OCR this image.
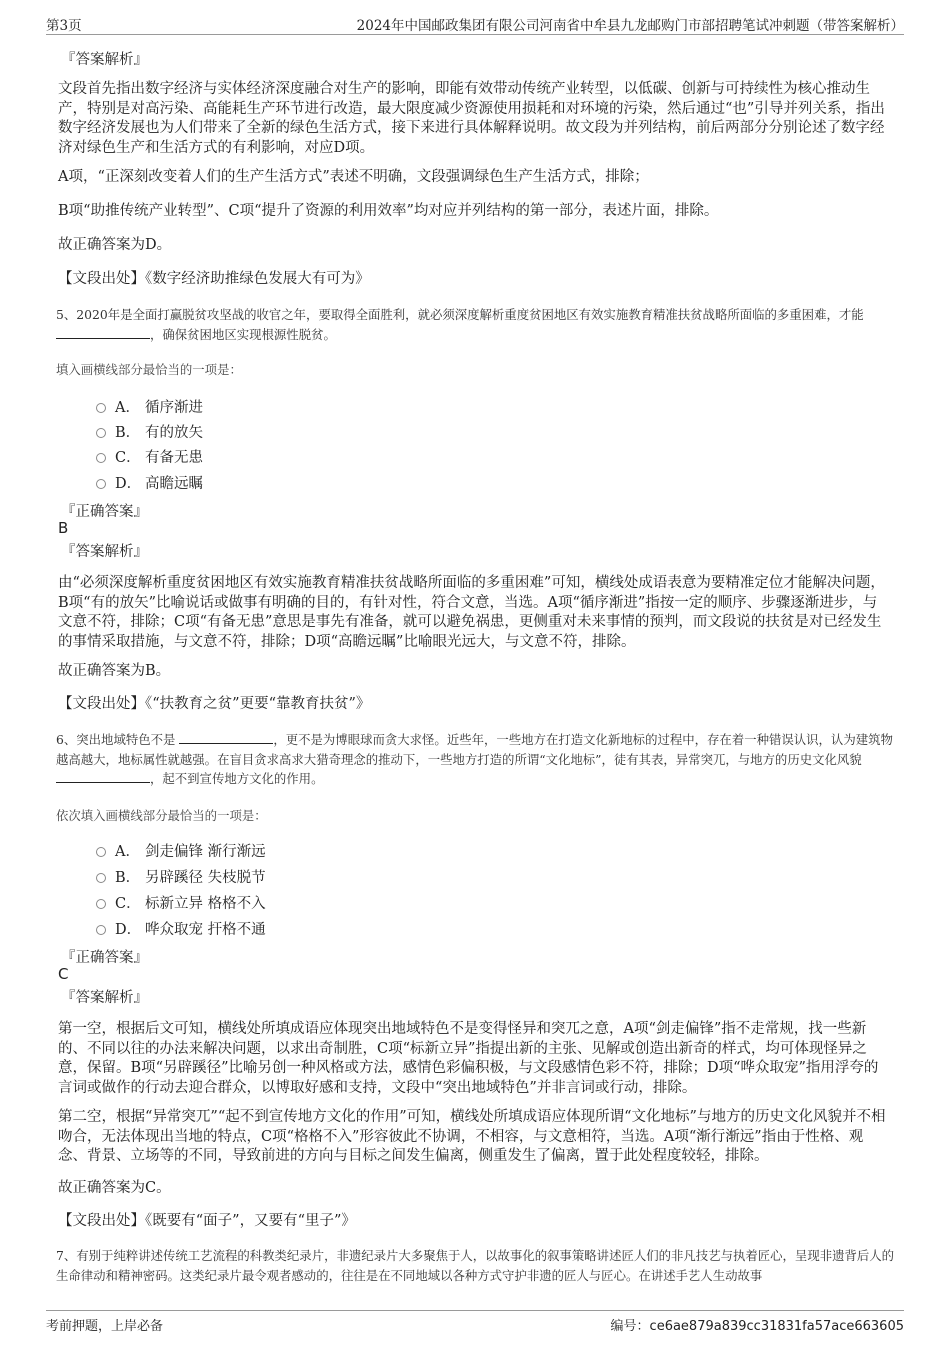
第3页	2024年中国邮政集团有限公司河南省中牟县九龙邮购门市部招聘笔试冲刺题（带答案解析）
『答案解析』
文段首先指出数字经济与实体经济深度融合对生产的影响，即能有效带动传统产业转型，以低碳、创新与可持续性为核心推动生产，特别是对高污染、高能耗生产环节进行改造，最大限度减少资源使用损耗和对环境的污染，然后通过“也”引导并列关系，指出数字经济发展也为人们带来了全新的绿色生活方式，接下来进行具体解释说明。故文段为并列结构，前后两部分分别论述了数字经济对绿色生产和生活方式的有利影响，对应D项。
A项，“正深刻改变着人们的生产生活方式”表述不明确，文段强调绿色生产生活方式，排除；
B项“助推传统产业转型”、C项“提升了资源的利用效率”均对应并列结构的第一部分，表述片面，排除。
故正确答案为D。
【文段出处】《数字经济助推绿色发展大有可为》
5、2020年是全面打赢脱贫攻坚战的收官之年，要取得全面胜利，就必须深度解析重度贫困地区有效实施教育精准扶贫战略所面临的多重困难，才能 ，确保贫困地区实现根源性脱贫。
填入画横线部分最恰当的一项是：
A． 循序渐进
B． 有的放矢
C． 有备无患
D． 高瞻远瞩
『正确答案』
B
『答案解析』
由“必须深度解析重度贫困地区有效实施教育精准扶贫战略所面临的多重困难”可知，横线处成语表意为要精准定位才能解决问题，B项“有的放矢”比喻说话或做事有明确的目的，有针对性，符合文意，当选。A项“循序渐进”指按一定的顺序、步骤逐渐进步，与文意不符，排除；C项“有备无患”意思是事先有准备，就可以避免祸患，更侧重对未来事情的预判，而文段说的扶贫是对已经发生的事情采取措施，与文意不符，排除；D项“高瞻远瞩”比喻眼光远大，与文意不符，排除。
故正确答案为B。
【文段出处】《“扶教育之贫”更要“靠教育扶贫”》
6、突出地域特色不是	，更不是为博眼球而贪大求怪。近些年，一些地方在打造文化新地标的过程中，存在着一种错误认识，认为建筑物越高越大，地标属性就越强。在盲目贪求高求大猎奇理念的推动下，一些地方打造的所谓“文化地标”，徒有其表，异常突兀，与地方的历史文化风貌 ，起不到宣传地方文化的作用。
依次填入画横线部分最恰当的一项是：
A． 剑走偏锋 渐行渐远
B． 另辟蹊径 失枝脱节
C． 标新立异 格格不入
D． 哗众取宠 扞格不通
『正确答案』
C
『答案解析』
第一空，根据后文可知，横线处所填成语应体现突出地域特色不是变得怪异和突兀之意，A项“剑走偏锋”指不走常规，找一些新的、不同以往的办法来解决问题，以求出奇制胜，C项“标新立异”指提出新的主张、见解或创造出新奇的样式，均可体现怪异之意，保留。B项“另辟蹊径”比喻另创一种风格或方法，感情色彩偏积极，与文段感情色彩不符，排除；D项“哗众取宠”指用浮夸的言词或做作的行动去迎合群众，以博取好感和支持，文段中“突出地域特色”并非言词或行动，排除。
第二空，根据“异常突兀”“起不到宣传地方文化的作用”可知，横线处所填成语应体现所谓“文化地标”与地方的历史文化风貌并不相吻合，无法体现出当地的特点，C项“格格不入”形容彼此不协调，不相容，与文意相符，当选。A项“渐行渐远”指由于性格、观念、背景、立场等的不同，导致前进的方向与目标之间发生偏离，侧重发生了偏离，置于此处程度较轻，排除。
故正确答案为C。
【文段出处】《既要有“面子”，又要有“里子”》
7、有别于纯粹讲述传统工艺流程的科教类纪录片，非遗纪录片大多聚焦于人，以故事化的叙事策略讲述匠人们的非凡技艺与执着匠心，呈现非遗背后人的生命律动和精神密码。这类纪录片最令观者感动的，往往是在不同地域以各种方式守护非遗的匠人与匠心。在讲述手艺人生动故事
考前押题，上岸必备	编号：ce6ae879a839cc31831fa57ace663605
